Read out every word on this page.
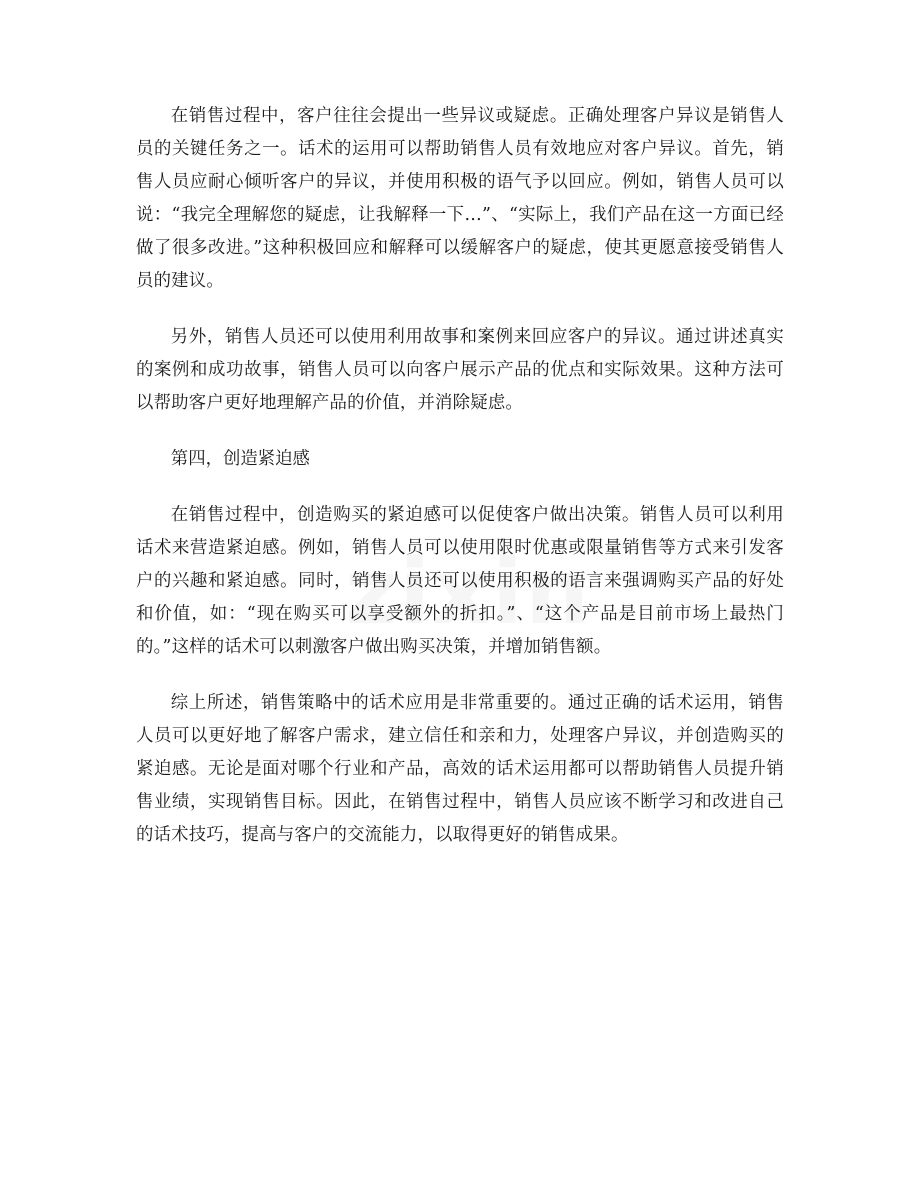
在销售过程中，客户往往会提出一些异议或疑虑。正确处理客户异议是销售人员的关键任务之一。话术的运用可以帮助销售人员有效地应对客户异议。首先，销售人员应耐心倾听客户的异议，并使用积极的语气予以回应。例如，销售人员可以说：“我完全理解您的疑虑，让我解释一下…”、“实际上，我们产品在这一方面已经做了很多改进。”这种积极回应和解释可以缓解客户的疑虑，使其更愿意接受销售人员的建议。

另外，销售人员还可以使用利用故事和案例来回应客户的异议。通过讲述真实的案例和成功故事，销售人员可以向客户展示产品的优点和实际效果。这种方法可以帮助客户更好地理解产品的价值，并消除疑虑。

第四，创造紧迫感

在销售过程中，创造购买的紧迫感可以促使客户做出决策。销售人员可以利用话术来营造紧迫感。例如，销售人员可以使用限时优惠或限量销售等方式来引发客户的兴趣和紧迫感。同时，销售人员还可以使用积极的语言来强调购买产品的好处和价值，如：“现在购买可以享受额外的折扣。”、“这个产品是目前市场上最热门的。”这样的话术可以刺激客户做出购买决策，并增加销售额。

综上所述，销售策略中的话术应用是非常重要的。通过正确的话术运用，销售人员可以更好地了解客户需求，建立信任和亲和力，处理客户异议，并创造购买的紧迫感。无论是面对哪个行业和产品，高效的话术运用都可以帮助销售人员提升销售业绩，实现销售目标。因此，在销售过程中，销售人员应该不断学习和改进自己的话术技巧，提高与客户的交流能力，以取得更好的销售成果。
